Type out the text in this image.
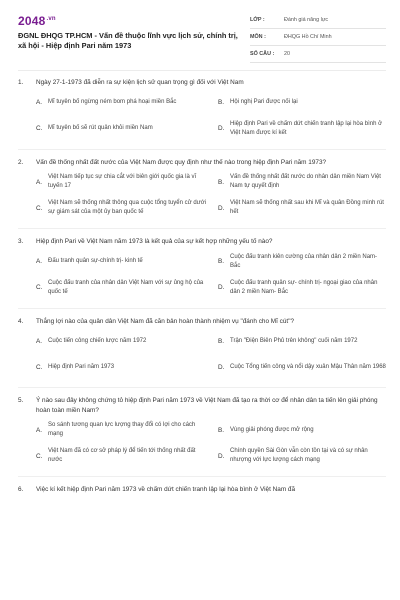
$2048^{.vn}$
ĐGNL ĐHQG TP.HCM - Vấn đề thuộc lĩnh vực lịch sử, chính trị, xã hội - Hiệp định Pari năm 1973
LỚP :	Đánh giá năng lực
MÔN :	ĐHQG Hồ Chí Minh
SỐ CÂU :	20
1.	Ngày 27-1-1973 đã diễn ra sự kiện lịch sử quan trọng gì đối với Việt Nam
A. Mĩ tuyên bố ngừng ném bom phá hoại miền Bắc	B. Hội nghị Pari được nối lại
C. Mĩ tuyên bố sẽ rút quân khỏi miền Nam	D.
Hiệp định Pari về chấm dứt chiến tranh lập lại hòa bình ở Việt Nam được kí kết
2.	Vấn đề thống nhất đất nước của Việt Nam được quy định như thế nào trong hiệp định Pari năm 1973?
A.
Việt Nam tiếp tục sự chia cắt với biên giới quốc gia là vĩ tuyến 17
B.
Vấn đề thống nhất đất nước do nhân dân miền Nam Việt Nam tự quyết định
C.
Việt Nam sẽ thống nhất thông qua cuộc tổng tuyển cử dưới sự giám sát của một ủy ban quốc tế
D.
Việt Nam sẽ thống nhất sau khi Mĩ và quân Đồng minh rút hết
3.	Hiệp định Pari về Việt Nam năm 1973 là kết quả của sự kết hợp những yếu tố nào?
A. Đấu tranh quân sự-chính trị- kinh tế	B.
Cuộc đấu tranh kiên cường của nhân dân 2 miền Nam- Bắc
C.
Cuộc đấu tranh của nhân dân Việt Nam với sự ủng hộ của quốc tế
D.
Cuộc đấu tranh quân sự- chính trị- ngoại giao của nhân dân 2 miền Nam- Bắc
4.	Thắng lợi nào của quân dân Việt Nam đã căn bản hoàn thành nhiệm vụ "đánh cho Mĩ cút"?
A. Cuộc tiến công chiến lược năm 1972	B. Trận "Điện Biên Phủ trên không" cuối năm 1972
C. Hiệp định Pari năm 1973	D. Cuộc Tổng tiến công và nổi dậy xuân Mậu Thân năm 1968
5.	Ý nào sau đây không chứng tỏ hiệp định Pari năm 1973 về Việt Nam đã tạo ra thời cơ để nhân dân ta tiến lên giải phóng hoàn toàn miền Nam?
A.
So sánh tương quan lực lượng thay đổi có lợi cho cách mạng
B. Vùng giải phóng được mở rộng
C.
Việt Nam đã có cơ sở pháp lý để tiến tới thống nhất đất nước
D.
Chính quyền Sài Gòn vẫn còn tồn tại và có sự nhân nhượng với lực lượng cách mạng
6.	Việc kí kết hiệp định Pari năm 1973 về chấm dứt chiến tranh lập lại hòa bình ở Việt Nam đã
